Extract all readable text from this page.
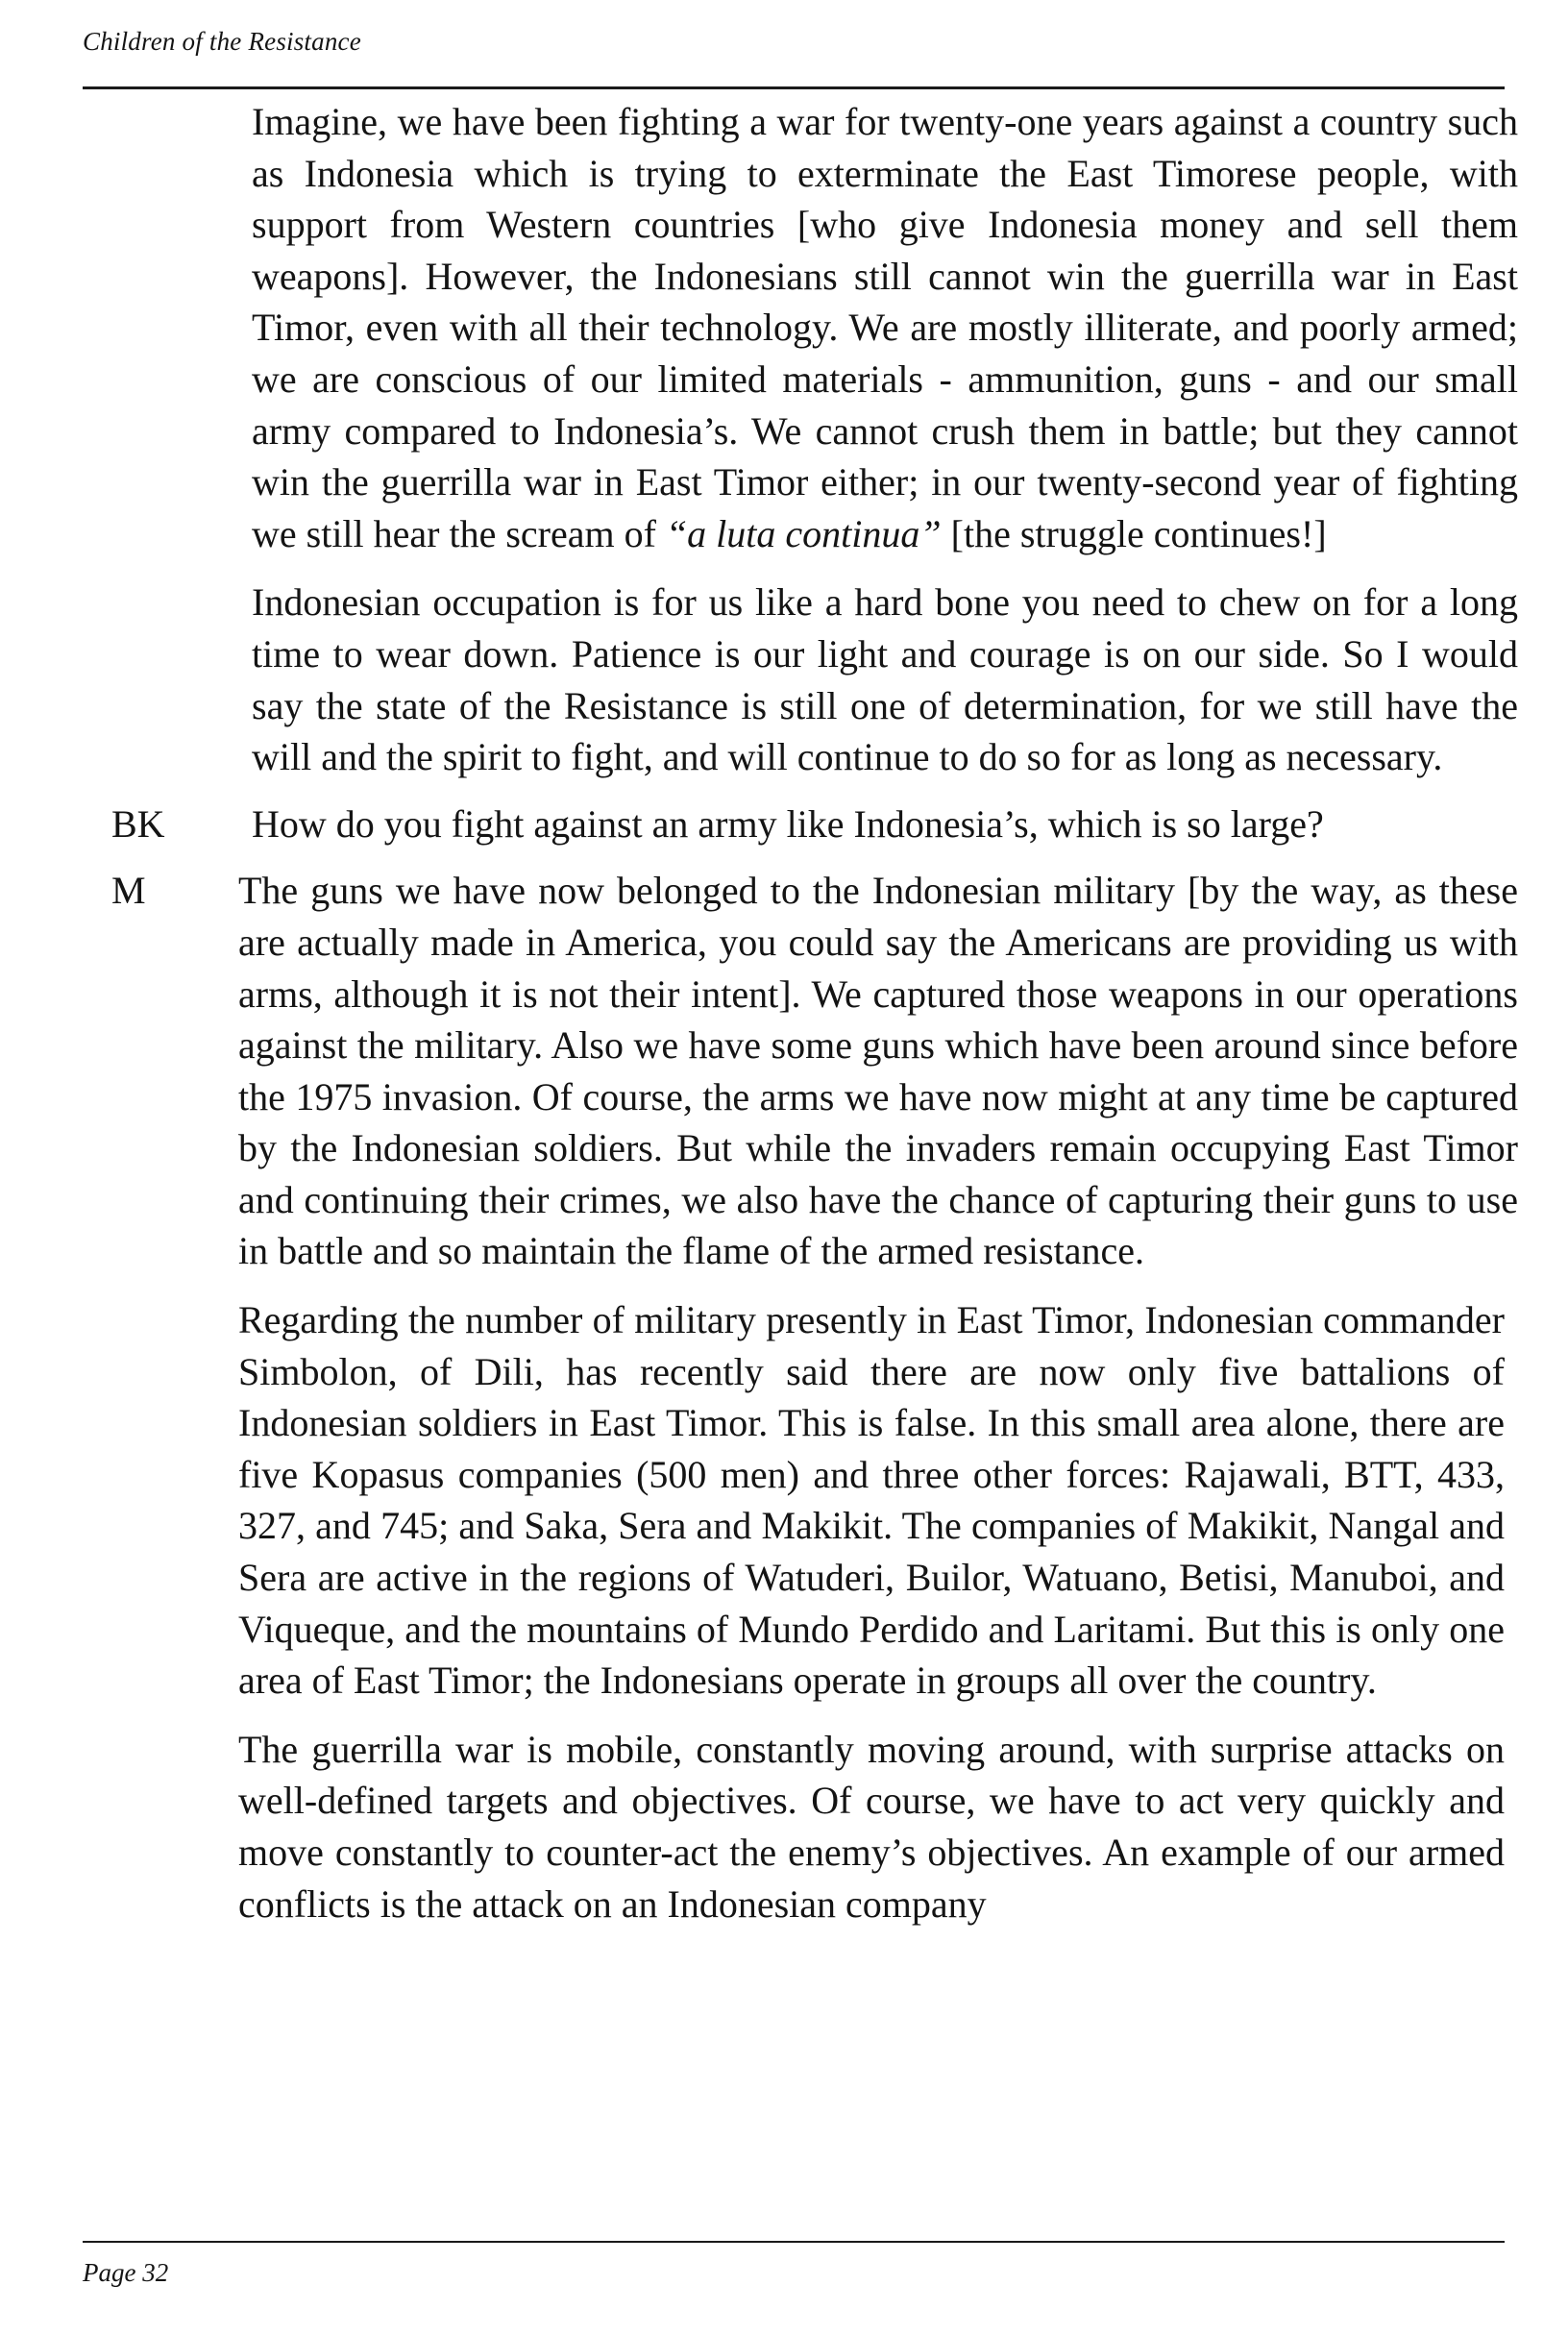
Children of the Resistance

Imagine, we have been fighting a war for twenty-one years against a country such as Indonesia which is trying to exterminate the East Timorese people, with support from Western countries [who give Indonesia money and sell them weapons]. However, the Indonesians still cannot win the guerrilla war in East Timor, even with all their technology. We are mostly illiterate, and poorly armed; we are conscious of our limited materials - ammunition, guns - and our small army compared to Indonesia’s. We cannot crush them in battle; but they cannot win the guerrilla war in East Timor either; in our twenty-second year of fighting we still hear the scream of “a luta continua” [the struggle continues!]

Indonesian occupation is for us like a hard bone you need to chew on for a long time to wear down. Patience is our light and courage is on our side. So I would say the state of the Resistance is still one of determination, for we still have the will and the spirit to fight, and will continue to do so for as long as necessary.

BK How do you fight against an army like Indonesia’s, which is so large?

M The guns we have now belonged to the Indonesian military [by the way, as these are actually made in America, you could say the Americans are providing us with arms, although it is not their intent]. We captured those weapons in our operations against the military. Also we have some guns which have been around since before the 1975 invasion. Of course, the arms we have now might at any time be captured by the Indonesian soldiers. But while the invaders remain occupying East Timor and continuing their crimes, we also have the chance of capturing their guns to use in battle and so maintain the flame of the armed resistance.

Regarding the number of military presently in East Timor, Indonesian commander Simbolon, of Dili, has recently said there are now only five battalions of Indonesian soldiers in East Timor. This is false. In this small area alone, there are five Kopasus companies (500 men) and three other forces: Rajawali, BTT, 433, 327, and 745; and Saka, Sera and Makikit. The companies of Makikit, Nangal and Sera are active in the regions of Watuderi, Builor, Watuano, Betisi, Manuboi, and Viqueque, and the mountains of Mundo Perdido and Laritami. But this is only one area of East Timor; the Indonesians operate in groups all over the country.

The guerrilla war is mobile, constantly moving around, with surprise attacks on well-defined targets and objectives. Of course, we have to act very quickly and move constantly to counter-act the enemy’s objectives. An example of our armed conflicts is the attack on an Indonesian company

Page 32
